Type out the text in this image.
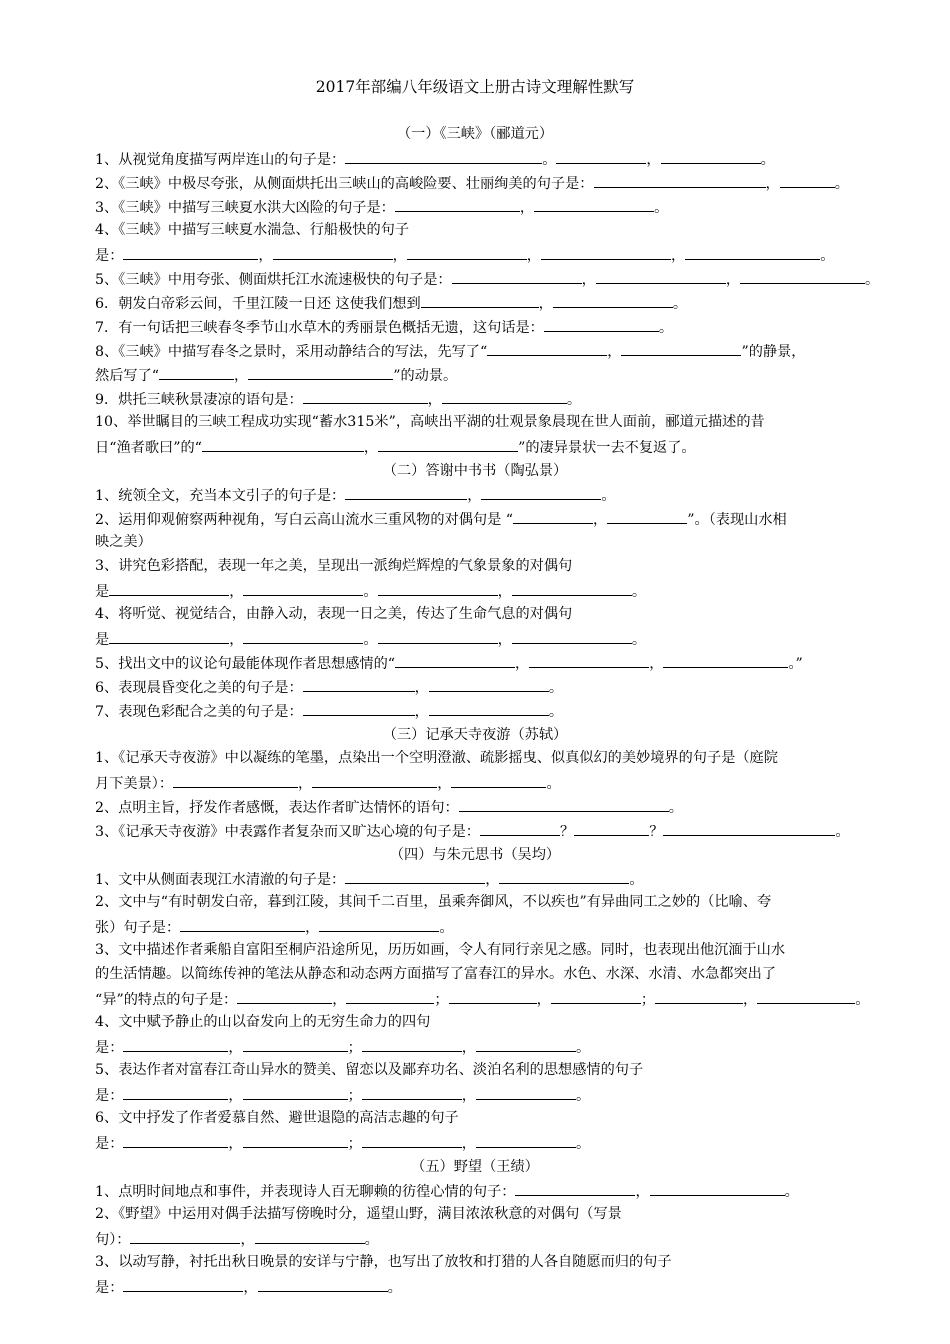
2017年部编八年级语文上册古诗文理解性默写
（一）《三峡》（郦道元）
1、从视觉角度描写两岸连山的句子是：	。	，	。
2、《三峡》中极尽夸张，从侧面烘托出三峡山的高峻险要、壮丽绚美的句子是：	，	。
3、《三峡》中描写三峡夏水洪大凶险的句子是：	，	。
4、《三峡》中描写三峡夏水湍急、行船极快的句子
是：	，	，	，	，	。
5、《三峡》中用夸张、侧面烘托江水流速极快的句子是：	，	，	。
6．朝发白帝彩云间，千里江陵一日还 这使我们想到	，	。
7．有一句话把三峡春冬季节山水草木的秀丽景色概括无遗，这句话是：	。
8、《三峡》中描写春冬之景时，采用动静结合的写法，先写了“	，	”的静景，
然后写了“	，	”的动景。
9．烘托三峡秋景凄凉的语句是：	，	。
10、举世瞩目的三峡工程成功实现“蓄水315米”，高峡出平湖的壮观景象晨现在世人面前，郦道元描述的昔
日“渔者歌曰”的“	，	”的凄异景状一去不复返了。
（二）答谢中书书（陶弘景）
1、统领全文，充当本文引子的句子是：	，	。
2、运用仰观俯察两种视角，写白云高山流水三重风物的对偶句是 “	，	”。（表现山水相
映之美）
3、讲究色彩搭配，表现一年之美，呈现出一派绚烂辉煌的气象景象的对偶句
是	，	。	，	。
4、将听觉、视觉结合，由静入动，表现一日之美，传达了生命气息的对偶句
是	，	。	，	。
5、找出文中的议论句最能体现作者思想感情的“	，	，	。”
6、表现晨昏变化之美的句子是：	，	。
7、表现色彩配合之美的句子是：	，	。
（三）记承天寺夜游（苏轼）
1、《记承天寺夜游》中以凝练的笔墨，点染出一个空明澄澈、疏影摇曳、似真似幻的美妙境界的句子是（庭院
月下美景）：	，	，	。
2、点明主旨，抒发作者感慨，表达作者旷达情怀的语句：	。
3、《记承天寺夜游》中表露作者复杂而又旷达心境的句子是：	？	？	。
（四）与朱元思书（吴均）
1、文中从侧面表现江水清澈的句子是：	，	。
2、文中与“有时朝发白帝，暮到江陵，其间千二百里，虽乘奔御风，不以疾也”有异曲同工之妙的（比喻、夸
张）句子是：	，	。
3、文中描述作者乘船自富阳至桐庐沿途所见，历历如画，令人有同行亲见之感。同时，也表现出他沉湎于山水
的生活情趣。以简练传神的笔法从静态和动态两方面描写了富春江的异水。水色、水深、水清、水急都突出了
“异”的特点的句子是：	，	；	，	；	，	。
4、文中赋予静止的山以奋发向上的无穷生命力的四句
是：	，	；	，	。
5、表达作者对富春江奇山异水的赞美、留恋以及鄙弃功名、淡泊名利的思想感情的句子
是：	，	；	，	。
6、文中抒发了作者爱慕自然、避世退隐的高洁志趣的句子
是：	，	；	，	。
（五）野望（王绩）
1、点明时间地点和事件，并表现诗人百无聊赖的彷徨心情的句子：	，	。
2、《野望》中运用对偶手法描写傍晚时分，遥望山野，满目浓浓秋意的对偶句（写景
句）：	，	。
3、以动写静，衬托出秋日晚景的安详与宁静，也写出了放牧和打猎的人各自随愿而归的句子
是：	，	。
